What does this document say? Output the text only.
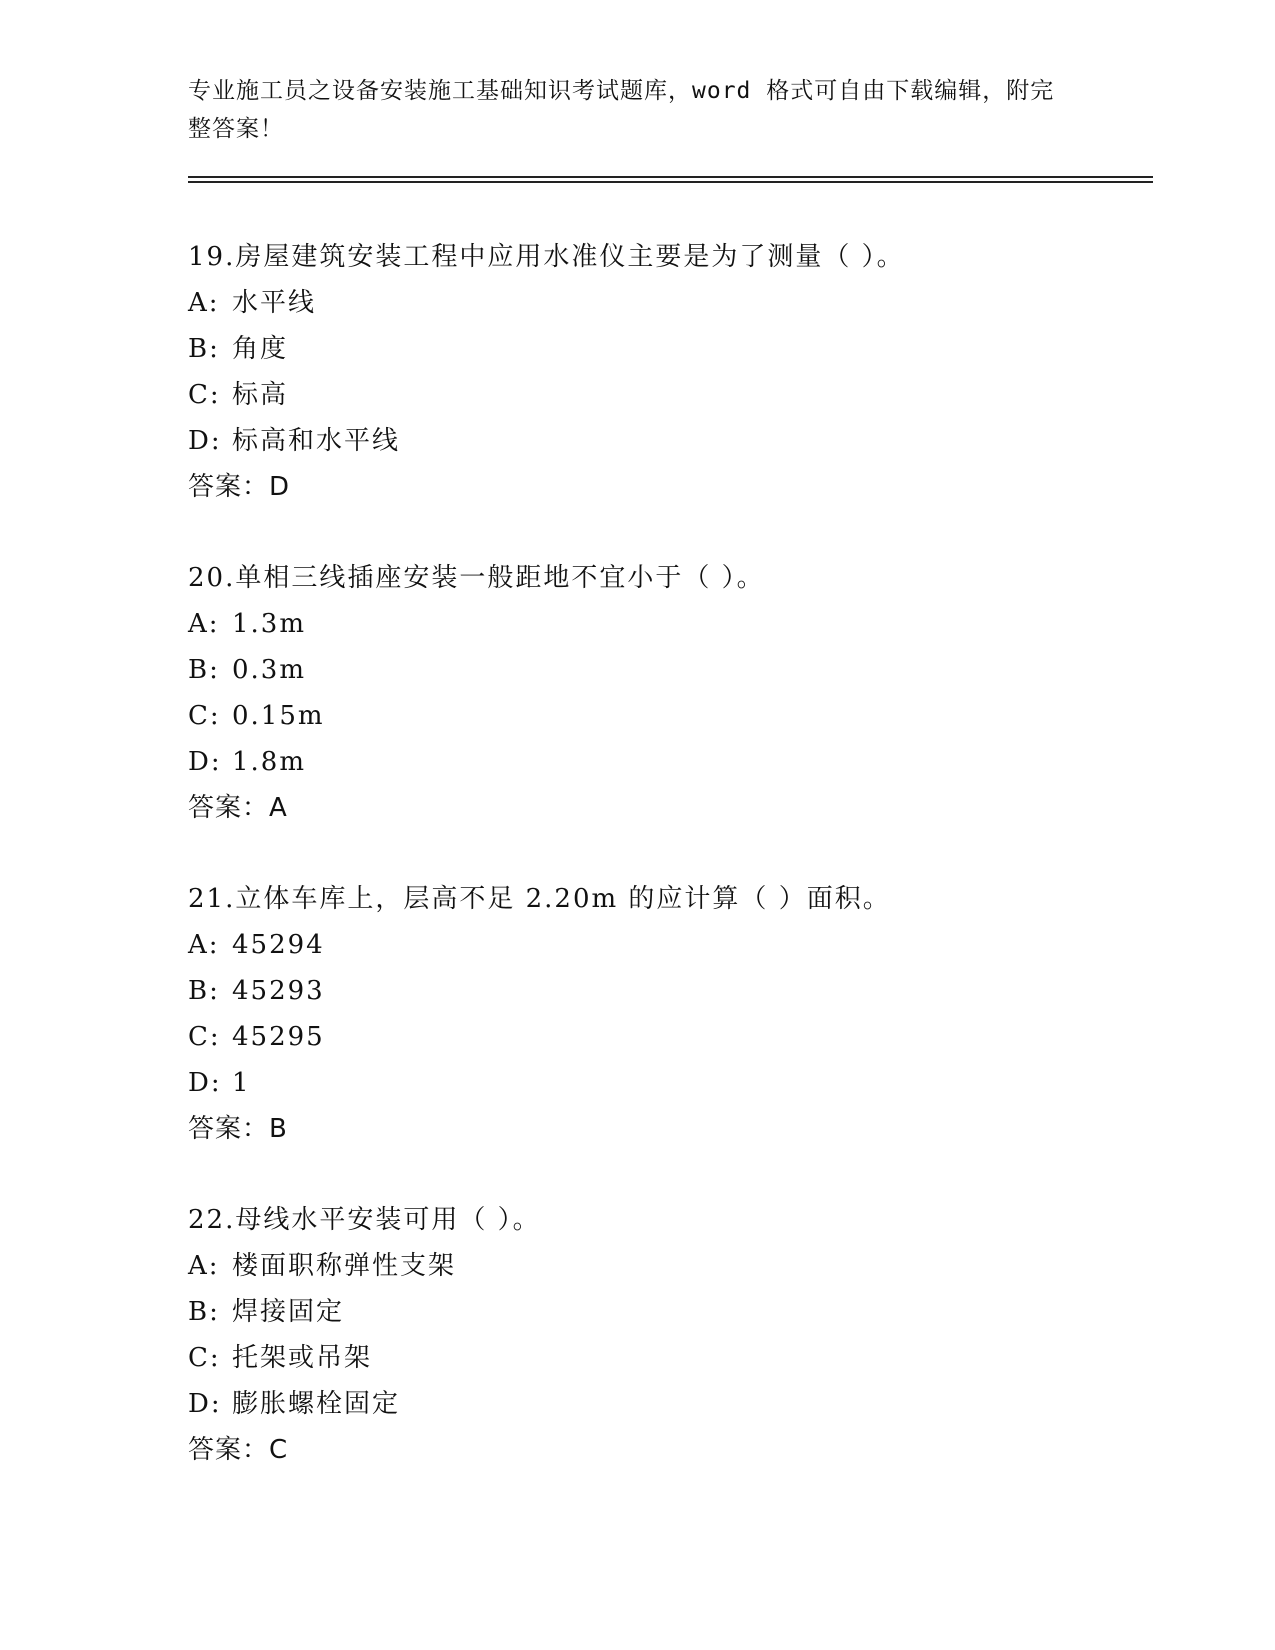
专业施工员之设备安装施工基础知识考试题库，word 格式可自由下载编辑，附完
整答案！
19.房屋建筑安装工程中应用水准仪主要是为了测量（ ）。
A: 水平线
B: 角度
C: 标高
D: 标高和水平线
答案：D
20.单相三线插座安装一般距地不宜小于（ ）。
A: 1.3m
B: 0.3m
C: 0.15m
D: 1.8m
答案：A
21.立体车库上，层高不足 2.20m 的应计算（ ）面积。
A: 45294
B: 45293
C: 45295
D: 1
答案：B
22.母线水平安装可用（ ）。
A: 楼面职称弹性支架
B: 焊接固定
C: 托架或吊架
D: 膨胀螺栓固定
答案：C
